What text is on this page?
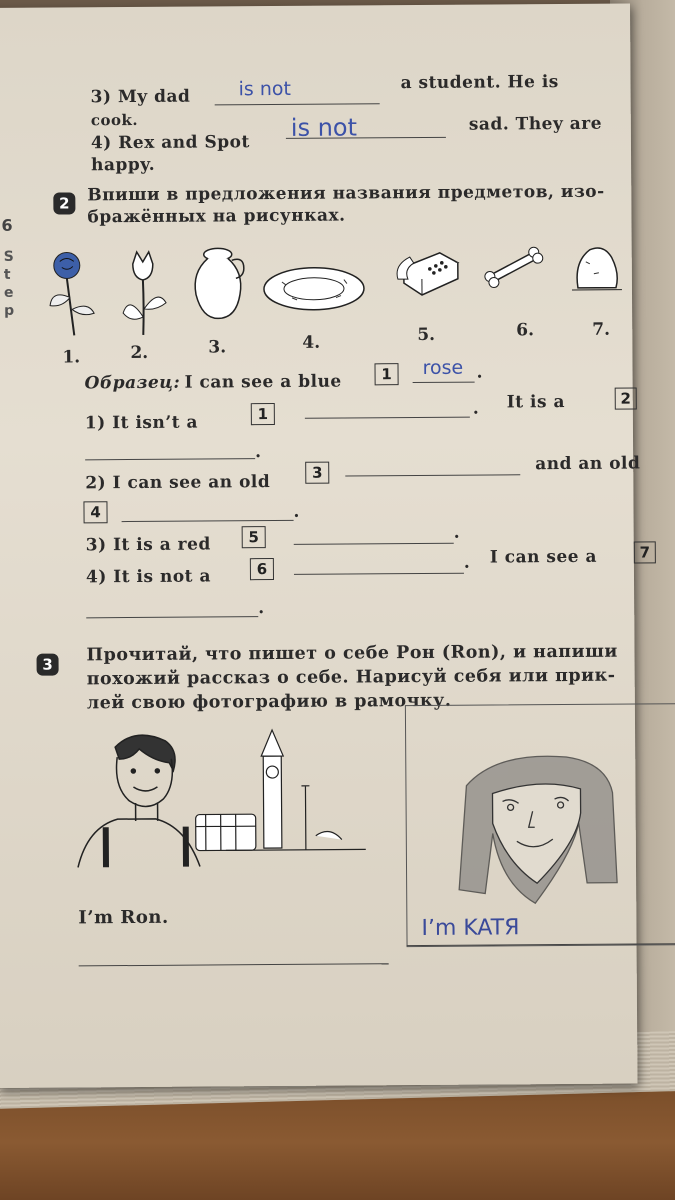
6
S t e p
3) My dad	is not	a student. He is
cook.
4) Rex and Spot
is not	sad. They are
happy.
2	Впиши в предложения названия предметов, изо-
бражённых на рисунках.
1.	2.	3.	4.	5.	6.	7.
Образец: I can see a blue	1	rose .
1) It isn’t a	1	. It is a	2
.
2) I can see an old	3	and an old
4	.
3) It is a red	5	.
4) It is not a	6	. I can see a	7
.
3	Прочитай, что пишет о себе Рон (Ron), и напиши
похожий рассказ о себе. Нарисуй себя или прик-
лей свою фотографию в рамочку.
I’m Ron.	I’m KATЯ
